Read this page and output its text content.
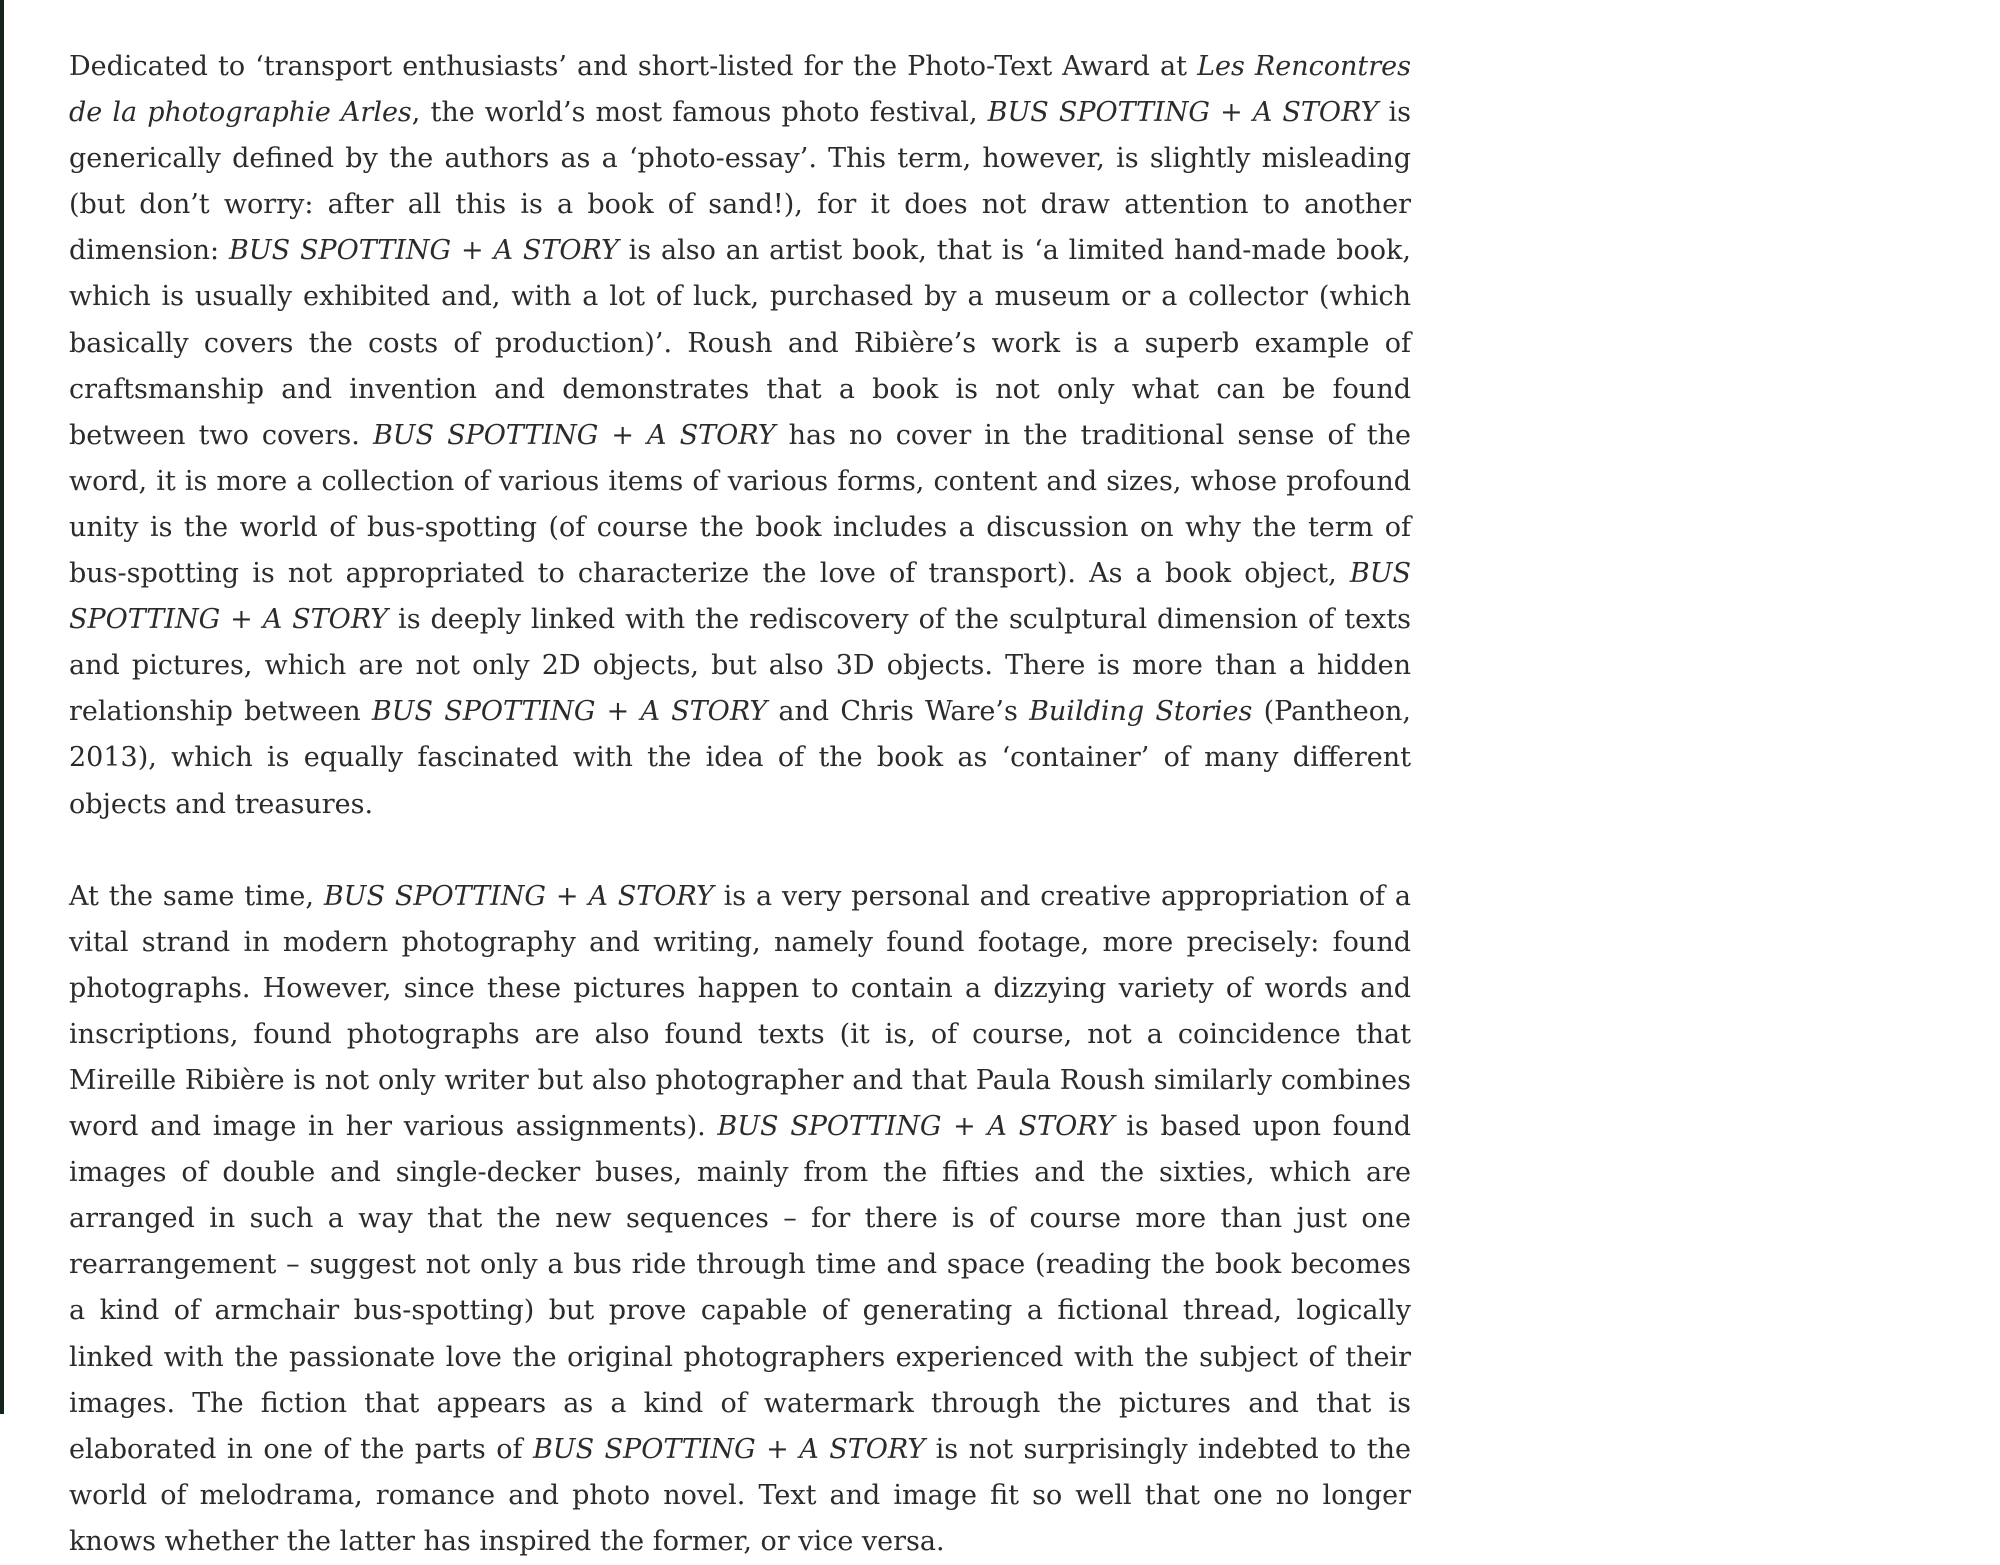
Dedicated to ‘transport enthusiasts’ and short-listed for the Photo-Text Award at Les Rencontres de la photographie Arles, the world’s most famous photo festival, BUS SPOTTING + A STORY is generically defined by the authors as a ‘photo-essay’. This term, however, is slightly misleading (but don’t worry: after all this is a book of sand!), for it does not draw attention to another dimension: BUS SPOTTING + A STORY is also an artist book, that is ‘a limited hand-made book, which is usually exhibited and, with a lot of luck, purchased by a museum or a collector (which basically covers the costs of production)’. Roush and Ribière’s work is a superb example of craftsmanship and invention and demonstrates that a book is not only what can be found between two covers. BUS SPOTTING + A STORY has no cover in the traditional sense of the word, it is more a collection of various items of various forms, content and sizes, whose profound unity is the world of bus-spotting (of course the book includes a discussion on why the term of bus-spotting is not appropriated to characterize the love of transport). As a book object, BUS SPOTTING + A STORY is deeply linked with the rediscovery of the sculptural dimension of texts and pictures, which are not only 2D objects, but also 3D objects. There is more than a hidden relationship between BUS SPOTTING + A STORY and Chris Ware’s Building Stories (Pantheon, 2013), which is equally fascinated with the idea of the book as ‘container’ of many different objects and treasures.

At the same time, BUS SPOTTING + A STORY is a very personal and creative appropriation of a vital strand in modern photography and writing, namely found footage, more precisely: found photographs. However, since these pictures happen to contain a dizzying variety of words and inscriptions, found photographs are also found texts (it is, of course, not a coincidence that Mireille Ribière is not only writer but also photographer and that Paula Roush similarly combines word and image in her various assignments). BUS SPOTTING + A STORY is based upon found images of double and single-decker buses, mainly from the fifties and the sixties, which are arranged in such a way that the new sequences – for there is of course more than just one rearrangement – suggest not only a bus ride through time and space (reading the book becomes a kind of armchair bus-spotting) but prove capable of generating a fictional thread, logically linked with the passionate love the original photographers experienced with the subject of their images. The fiction that appears as a kind of watermark through the pictures and that is elaborated in one of the parts of BUS SPOTTING + A STORY is not surprisingly indebted to the world of melodrama, romance and photo novel. Text and image fit so well that one no longer knows whether the latter has inspired the former, or vice versa.
